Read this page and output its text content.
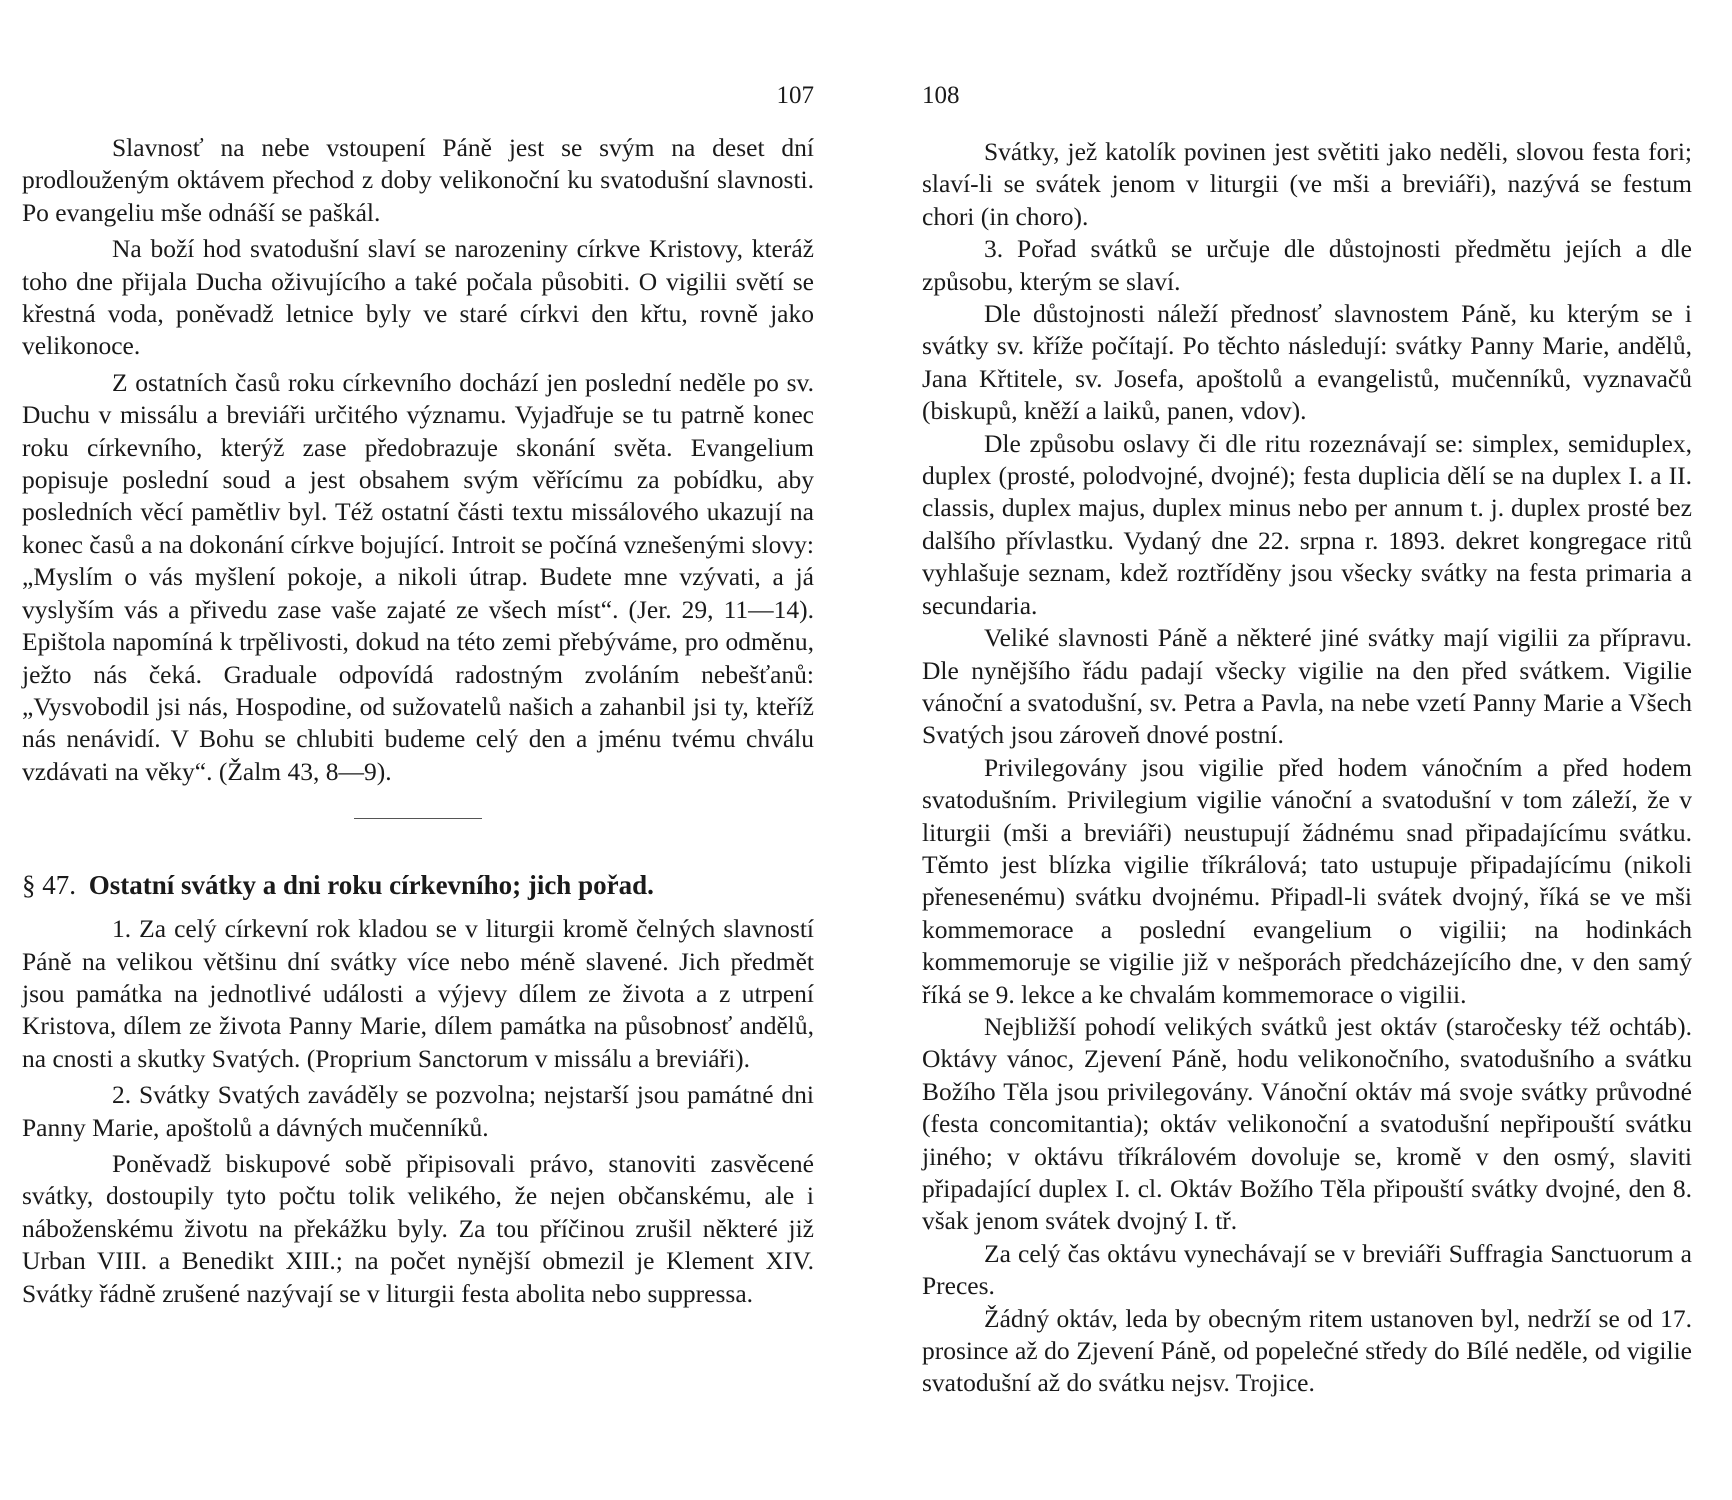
107

Slavnosť na nebe vstoupení Páně jest se svým na deset dní prodlouženým oktávem přechod z doby velikonoční ku svatodušní slavnosti. Po evangeliu mše odnáší se paškál.

Na boží hod svatodušní slaví se narozeniny církve Kristovy, kteráž toho dne přijala Ducha oživujícího a také počala působiti. O vigilii světí se křestná voda, poněvadž letnice byly ve staré církvi den křtu, rovně jako velikonoce.

Z ostatních časů roku církevního dochází jen poslední neděle po sv. Duchu v missálu a breviáři určitého významu. Vyjadřuje se tu patrně konec roku církevního, kterýž zase předobrazuje skonání světa. Evangelium popisuje poslední soud a jest obsahem svým věřícímu za pobídku, aby posledních věcí pamětliv byl. Též ostatní části textu missálového ukazují na konec časů a na dokonání církve bojující. Introit se počíná vznešenými slovy: „Myslím o vás myšlení pokoje, a nikoli útrap. Budete mne vzývati, a já vyslyším vás a přivedu zase vaše zajaté ze všech míst“. (Jer. 29, 11—14). Epištola napomíná k trpělivosti, dokud na této zemi přebýváme, pro odměnu, ježto nás čeká. Graduale odpovídá radostným zvoláním nebešťanů: „Vysvobodil jsi nás, Hospodine, od sužovatelů našich a zahanbil jsi ty, kteříž nás nenávidí. V Bohu se chlubiti budeme celý den a jménu tvému chválu vzdávati na věky“. (Žalm 43, 8—9).

§ 47. Ostatní svátky a dni roku církevního; jich pořad.

1. Za celý církevní rok kladou se v liturgii kromě čelných slavností Páně na velikou většinu dní svátky více nebo méně slavené. Jich předmět jsou památka na jednotlivé události a výjevy dílem ze života a z utrpení Kristova, dílem ze života Panny Marie, dílem památka na působnosť andělů, na cnosti a skutky Svatých. (Proprium Sanctorum v missálu a breviáři).

2. Svátky Svatých zaváděly se pozvolna; nejstarší jsou památné dni Panny Marie, apoštolů a dávných mučenníků.

Poněvadž biskupové sobě připisovali právo, stanoviti zasvěcené svátky, dostoupily tyto počtu tolik velikého, že nejen občanskému, ale i náboženskému životu na překážku byly. Za tou příčinou zrušil některé již Urban VIII. a Benedikt XIII.; na počet nynější obmezil je Klement XIV. Svátky řádně zrušené nazývají se v liturgii festa abolita nebo suppressa.

108

Svátky, jež katolík povinen jest světiti jako neděli, slovou festa fori; slaví-li se svátek jenom v liturgii (ve mši a breviáři), nazývá se festum chori (in choro).

3. Pořad svátků se určuje dle důstojnosti předmětu jejích a dle způsobu, kterým se slaví.

Dle důstojnosti náleží přednosť slavnostem Páně, ku kterým se i svátky sv. kříže počítají. Po těchto následují: svátky Panny Marie, andělů, Jana Křtitele, sv. Josefa, apoštolů a evangelistů, mučenníků, vyznavačů (biskupů, kněží a laiků, panen, vdov).

Dle způsobu oslavy či dle ritu rozeznávají se: simplex, semiduplex, duplex (prosté, polodvojné, dvojné); festa duplicia dělí se na duplex I. a II. classis, duplex majus, duplex minus nebo per annum t. j. duplex prosté bez dalšího přívlastku. Vydaný dne 22. srpna r. 1893. dekret kongregace ritů vyhlašuje seznam, kdež roztříděny jsou všecky svátky na festa primaria a secundaria.

Veliké slavnosti Páně a některé jiné svátky mají vigilii za přípravu. Dle nynějšího řádu padají všecky vigilie na den před svátkem. Vigilie vánoční a svatodušní, sv. Petra a Pavla, na nebe vzetí Panny Marie a Všech Svatých jsou zároveň dnové postní.

Privilegovány jsou vigilie před hodem vánočním a před hodem svatodušním. Privilegium vigilie vánoční a svatodušní v tom záleží, že v liturgii (mši a breviáři) neustupují žádnému snad připadajícímu svátku. Těmto jest blízka vigilie tříkrálová; tato ustupuje připadajícímu (nikoli přenesenému) svátku dvojnému. Připadl-li svátek dvojný, říká se ve mši kommemorace a poslední evangelium o vigilii; na hodinkách kommemoruje se vigilie již v nešporách předcházejícího dne, v den samý říká se 9. lekce a ke chvalám kommemorace o vigilii.

Nejbližší pohodí velikých svátků jest oktáv (staročesky též ochtáb). Oktávy vánoc, Zjevení Páně, hodu velikonočního, svatodušního a svátku Božího Těla jsou privilegovány. Vánoční oktáv má svoje svátky průvodné (festa concomitantia); oktáv velikonoční a svatodušní nepřipouští svátku jiného; v oktávu tříkrálovém dovoluje se, kromě v den osmý, slaviti připadající duplex I. cl. Oktáv Božího Těla připouští svátky dvojné, den 8. však jenom svátek dvojný I. tř.

Za celý čas oktávu vynechávají se v breviáři Suffragia Sanctuorum a Preces.

Žádný oktáv, leda by obecným ritem ustanoven byl, nedrží se od 17. prosince až do Zjevení Páně, od popelečné středy do Bílé neděle, od vigilie svatodušní až do svátku nejsv. Trojice.
